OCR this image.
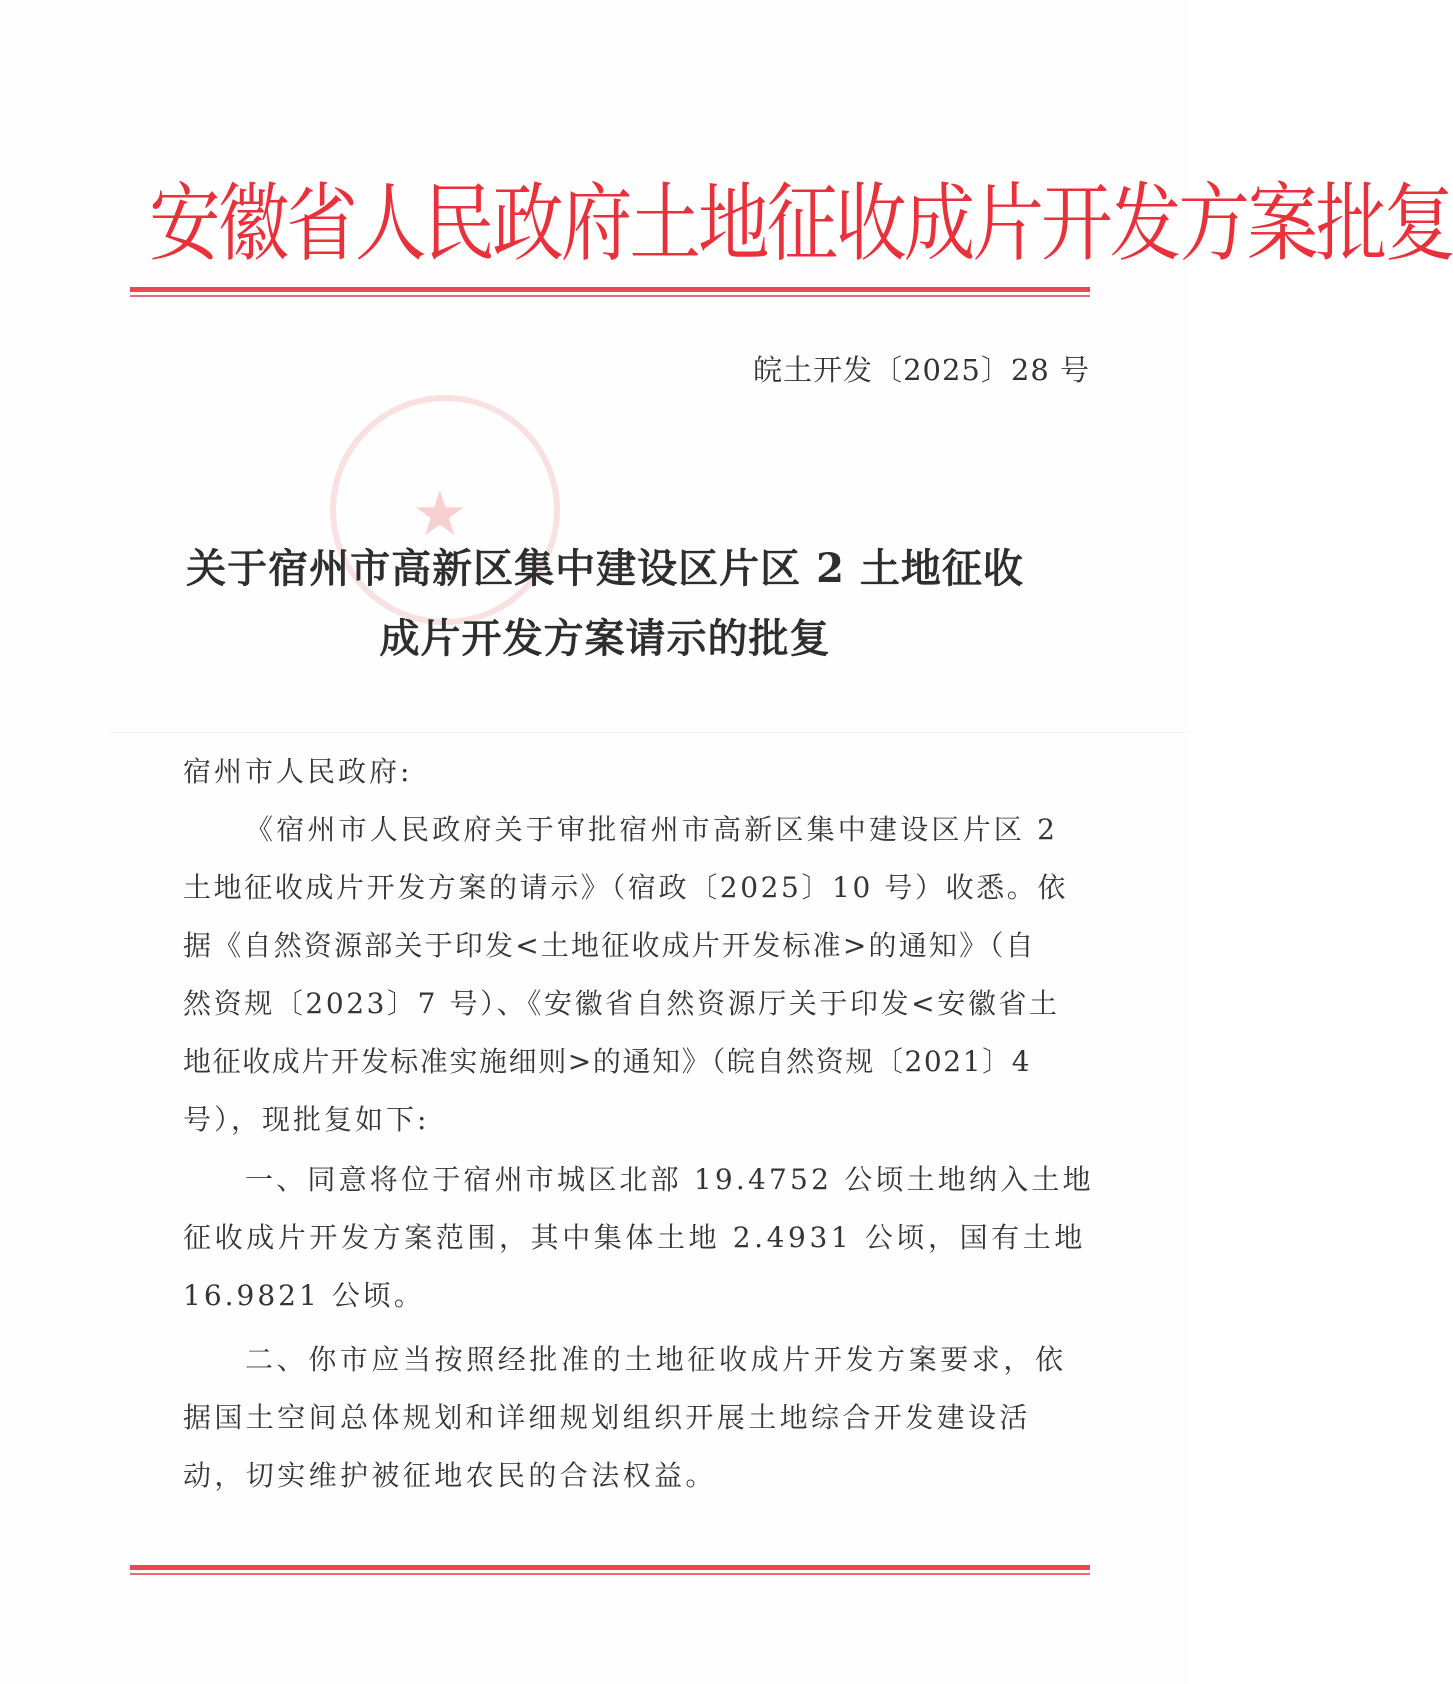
安徽省人民政府土地征收成片开发方案批复
皖土开发〔2025〕28 号
★
关于宿州市高新区集中建设区片区 2 土地征收
成片开发方案请示的批复
宿州市人民政府:
《宿州市人民政府关于审批宿州市高新区集中建设区片区 2
土地征收成片开发方案的请示》（宿政〔2025〕10 号）收悉。依
据《自然资源部关于印发<土地征收成片开发标准>的通知》（自
然资规〔2023〕7 号）、《安徽省自然资源厅关于印发<安徽省土
地征收成片开发标准实施细则>的通知》（皖自然资规〔2021〕4
号），现批复如下:
一、同意将位于宿州市城区北部 19.4752 公顷土地纳入土地
征收成片开发方案范围，其中集体土地 2.4931 公顷，国有土地
16.9821 公顷。
二、你市应当按照经批准的土地征收成片开发方案要求，依
据国土空间总体规划和详细规划组织开展土地综合开发建设活
动，切实维护被征地农民的合法权益。
